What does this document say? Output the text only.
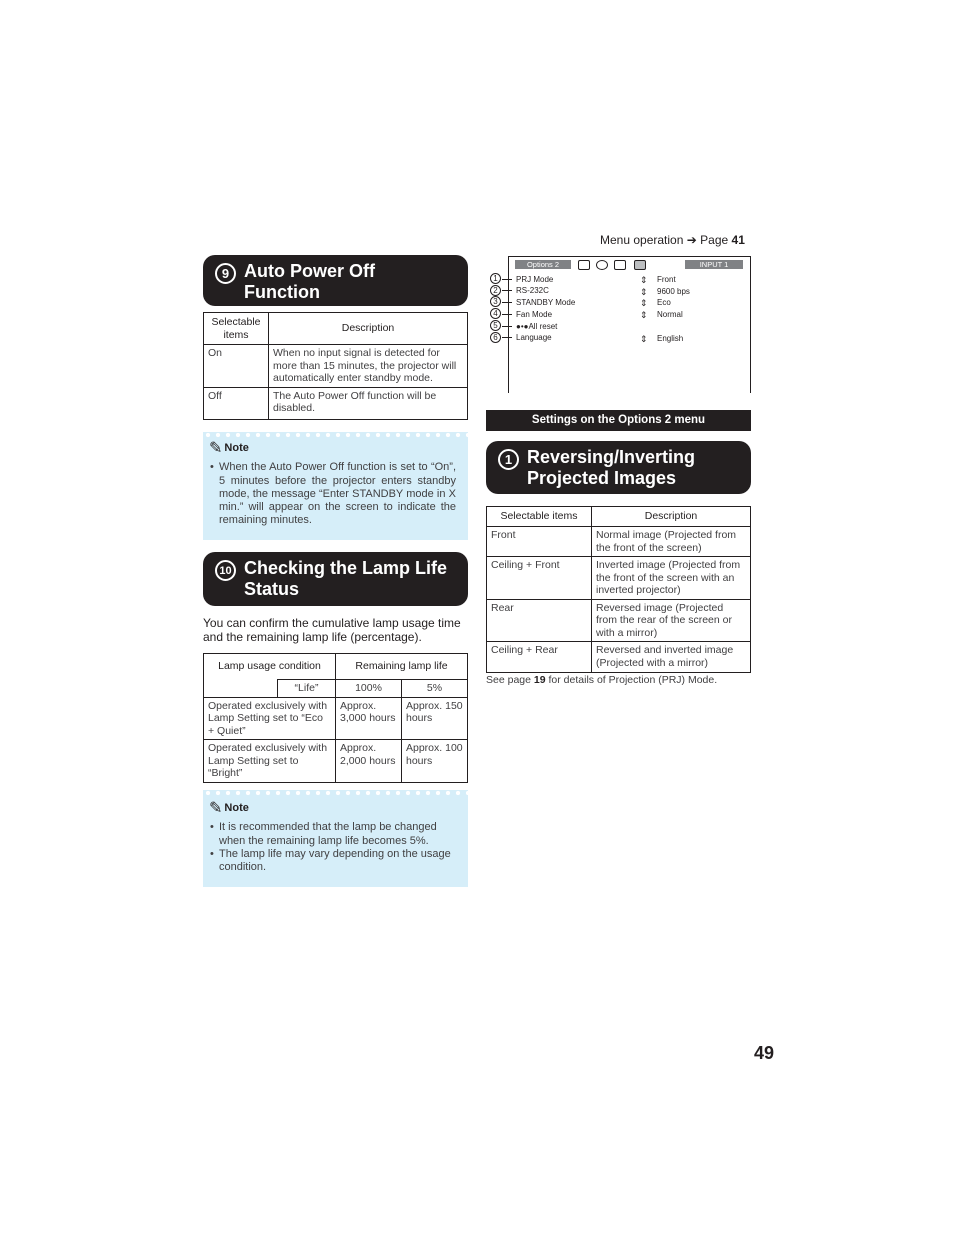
Menu operation ➔ Page 41
9 Auto Power Off
Function
Selectable items	Description
On	When no input signal is detected for more than 15 minutes, the projector will automatically enter standby mode.
Off	The Auto Power Off function will be disabled.
✎ Note
• When the Auto Power Off function is set to “On”, 5 minutes before the projector enters standby mode, the message “Enter STANDBY mode in X min.” will appear on the screen to indicate the remaining minutes.
10 Checking the Lamp Life
Status
You can confirm the cumulative lamp usage time and the remaining lamp life (percentage).
Lamp usage condition		Remaining lamp life	
	“Life”	100%	5%
Operated exclusively with Lamp Setting set to “Eco + Quiet”		Approx. 3,000 hours	Approx. 150 hours
Operated exclusively with Lamp Setting set to “Bright”		Approx. 2,000 hours	Approx. 100 hours
✎ Note
• It is recommended that the lamp be changed when the remaining lamp life becomes 5%.
• The lamp life may vary depending on the usage condition.
Options 2	INPUT 1
PRJ Mode
RS-232C
STANDBY Mode
Fan Mode
●•●All reset
Language
⇕
⇕
⇕
⇕
⇕
Front
9600 bps
Eco
Normal
English
1
2
3
4
5
6
Settings on the Options 2 menu
1 Reversing/Inverting
Projected Images
Selectable items	Description
Front	Normal image (Projected from the front of the screen)
Ceiling + Front	Inverted image (Projected from the front of the screen with an inverted projector)
Rear	Reversed image (Projected from the rear of the screen or with a mirror)
Ceiling + Rear	Reversed and inverted image (Projected with a mirror)
See page 19 for details of Projection (PRJ) Mode.
49
